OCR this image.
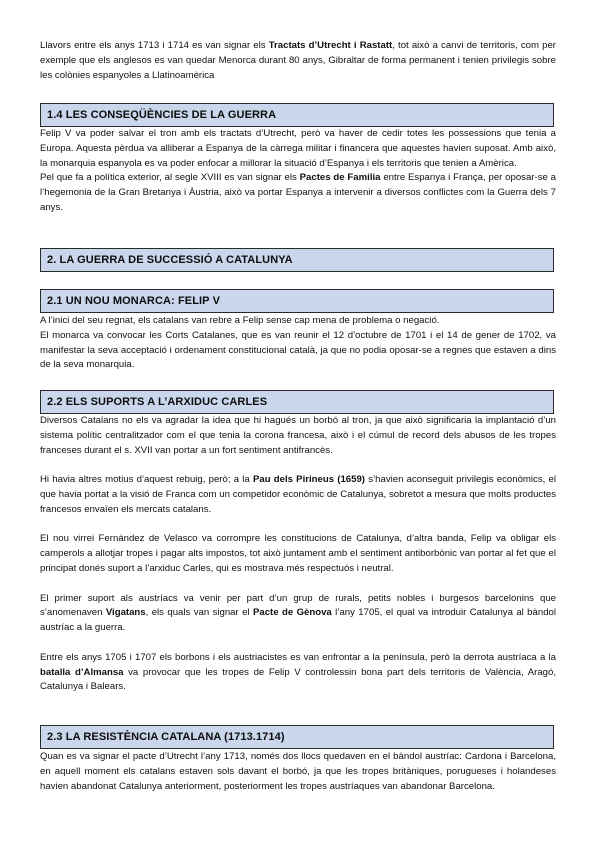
Llavors entre els anys 1713 i 1714 es van signar els Tractats d’Utrecht i Rastatt, tot això a canvi de territoris, com per exemple que els anglesos es van quedar Menorca durant 80 anys, Gibraltar de forma permanent i tenien privilegis sobre les colònies espanyoles a Llatinoamèrica

1.4 LES CONSEQÜÈNCIES DE LA GUERRA

Felip V va poder salvar el tron amb els tractats d’Utrecht, però va haver de cedir totes les possessions que tenia a Europa. Aquesta pèrdua va alliberar a Espanya de la càrrega militar i financera que aquestes havien suposat. Amb això, la monarquia espanyola es va poder enfocar a millorar la situació d’Espanya i els territoris que tenien a Amèrica.

Pel que fa a política exterior, al segle XVIII es van signar els Pactes de Família entre Espanya i França, per oposar-se a l’hegemonia de la Gran Bretanya i Àustria, això va portar Espanya a intervenir a diversos conflictes com la Guerra dels 7 anys.

2. LA GUERRA DE SUCCESSIÓ A CATALUNYA
2.1 UN NOU MONARCA: FELIP V

A l’inici del seu regnat, els catalans van rebre a Felip sense cap mena de problema o negació.

El monarca va convocar les Corts Catalanes, que es van reunir el 12 d’octubre de 1701 i el 14 de gener de 1702, va manifestar la seva acceptació i ordenament constitucional català, ja que no podia oposar-se a regnes que estaven a dins de la seva monarquia.

2.2 ELS SUPORTS A L’ARXIDUC CARLES

Diversos Catalans no els va agradar la idea que hi hagués un borbó al tron, ja que això significaria la implantació d’un sistema polític centralitzador com el que tenia la corona francesa, això i el cúmul de record dels abusos de les tropes franceses durant el s. XVII van portar a un fort sentiment antifrancès.

Hi havia altres motius d’aquest rebuig, però; a la Pau dels Pirineus (1659) s’havien aconseguit privilegis econòmics, el que havia portat a la visió de Franca com un competidor econòmic de Catalunya, sobretot a mesura que molts productes francesos envaïen els mercats catalans.

El nou virrei Fernández de Velasco va corrompre les constitucions de Catalunya, d’altra banda, Felip va obligar els camperols a allotjar tropes i pagar alts impostos, tot això juntament amb el sentiment antiborbònic van portar al fet que el principat donés suport a l’arxiduc Carles, qui es mostrava més respectuós i neutral.

El primer suport als austríacs va venir per part d’un grup de rurals, petits nobles i burgesos barcelonins que s’anomenaven Vigatans, els quals van signar el Pacte de Gènova l’any 1705, el qual va introduir Catalunya al bàndol austríac a la guerra.

Entre els anys 1705 i 1707 els borbons i els austriacistes es van enfrontar a la península, però la derrota austríaca a la batalla d’Almansa va provocar que les tropes de Felip V controlessin bona part dels territoris de València, Aragó, Catalunya i Balears.

2.3 LA RESISTÈNCIA CATALANA (1713.1714)

Quan es va signar el pacte d’Utrecht l’any 1713, només dos llocs quedaven en el bàndol austríac: Cardona i Barcelona, en aquell moment els catalans estaven sols davant el borbó, ja que les tropes britàniques, porugueses i holandeses havien abandonat Catalunya anteriorment, posteriorment les tropes austríaques van abandonar Barcelona.
